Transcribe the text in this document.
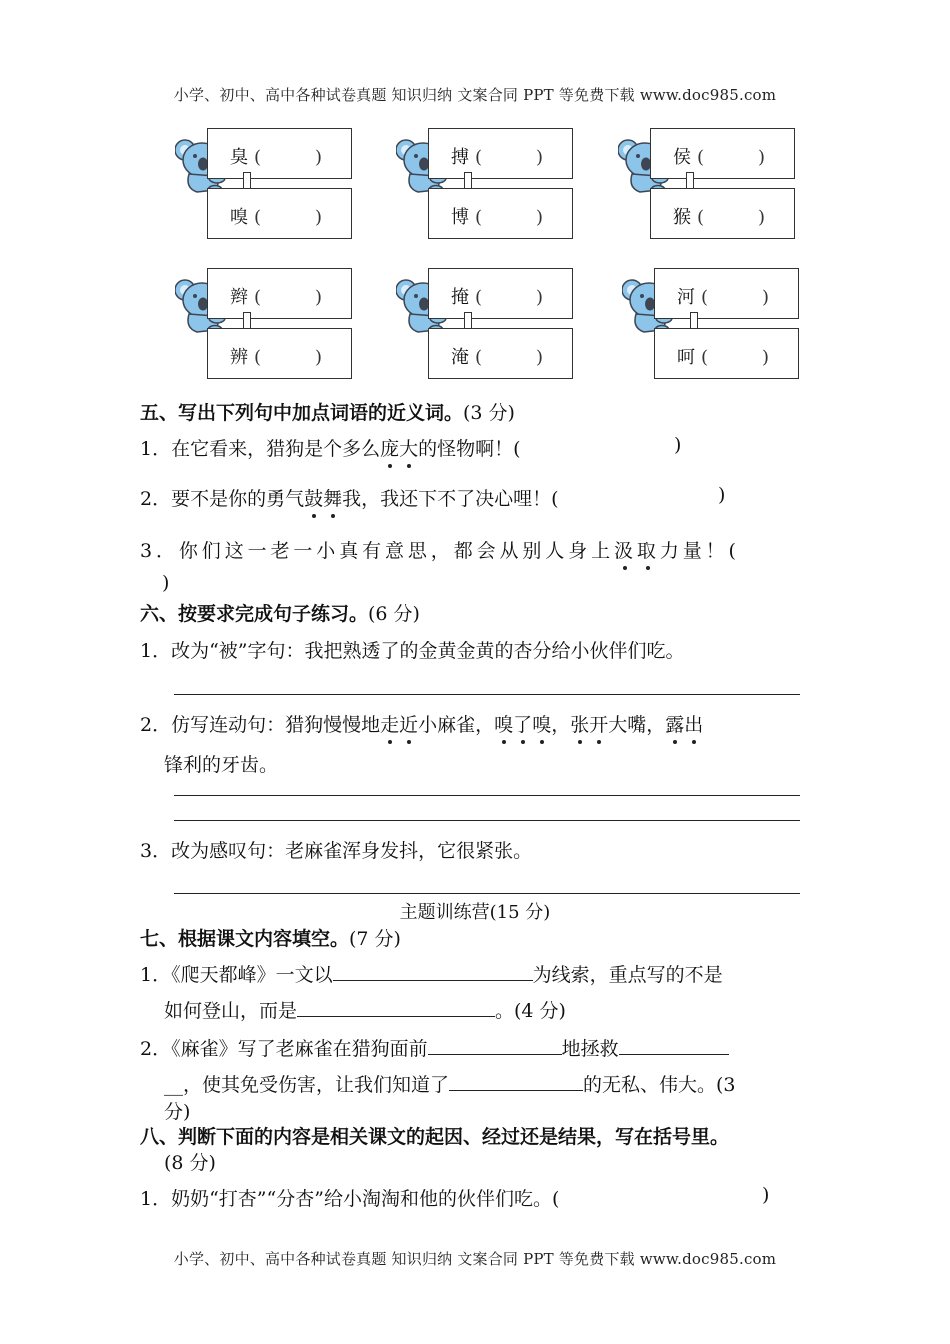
小学、初中、高中各种试卷真题 知识归纳 文案合同 PPT 等免费下载 www.doc985.com
臭 (　　　)
嗅 (　　　)
搏 (　　　)
博 (　　　)
侯 (　　　)
猴 (　　　)
辫 (　　　)
辨 (　　　)
掩 (　　　)
淹 (　　　)
河 (　　　)
呵 (　　　)
五、写出下列句中加点词语的近义词。(3 分)
1．在它看来，猎狗是个多么庞大的怪物啊！(	)
2．要不是你的勇气鼓舞我，我还下不了决心哩！(	)
3．你们这一老一小真有意思，都会从别人身上汲取力量！(
)
六、按要求完成句子练习。(6 分)
1．改为“被”字句：我把熟透了的金黄金黄的杏分给小伙伴们吃。
2．仿写连动句：猎狗慢慢地走近小麻雀，嗅了嗅，张开大嘴，露出
锋利的牙齿。
3．改为感叹句：老麻雀浑身发抖，它很紧张。
主题训练营(15 分)
七、根据课文内容填空。(7 分)
1．《爬天都峰》一文以	为线索，重点写的不是
如何登山，而是	。(4 分)
2．《麻雀》写了老麻雀在猎狗面前	地拯救
__，使其免受伤害，让我们知道了	的无私、伟大。(3
分)
八、判断下面的内容是相关课文的起因、经过还是结果，写在括号里。
(8 分)
1．奶奶“打杏”“分杏”给小淘淘和他的伙伴们吃。(	)
小学、初中、高中各种试卷真题 知识归纳 文案合同 PPT 等免费下载 www.doc985.com
